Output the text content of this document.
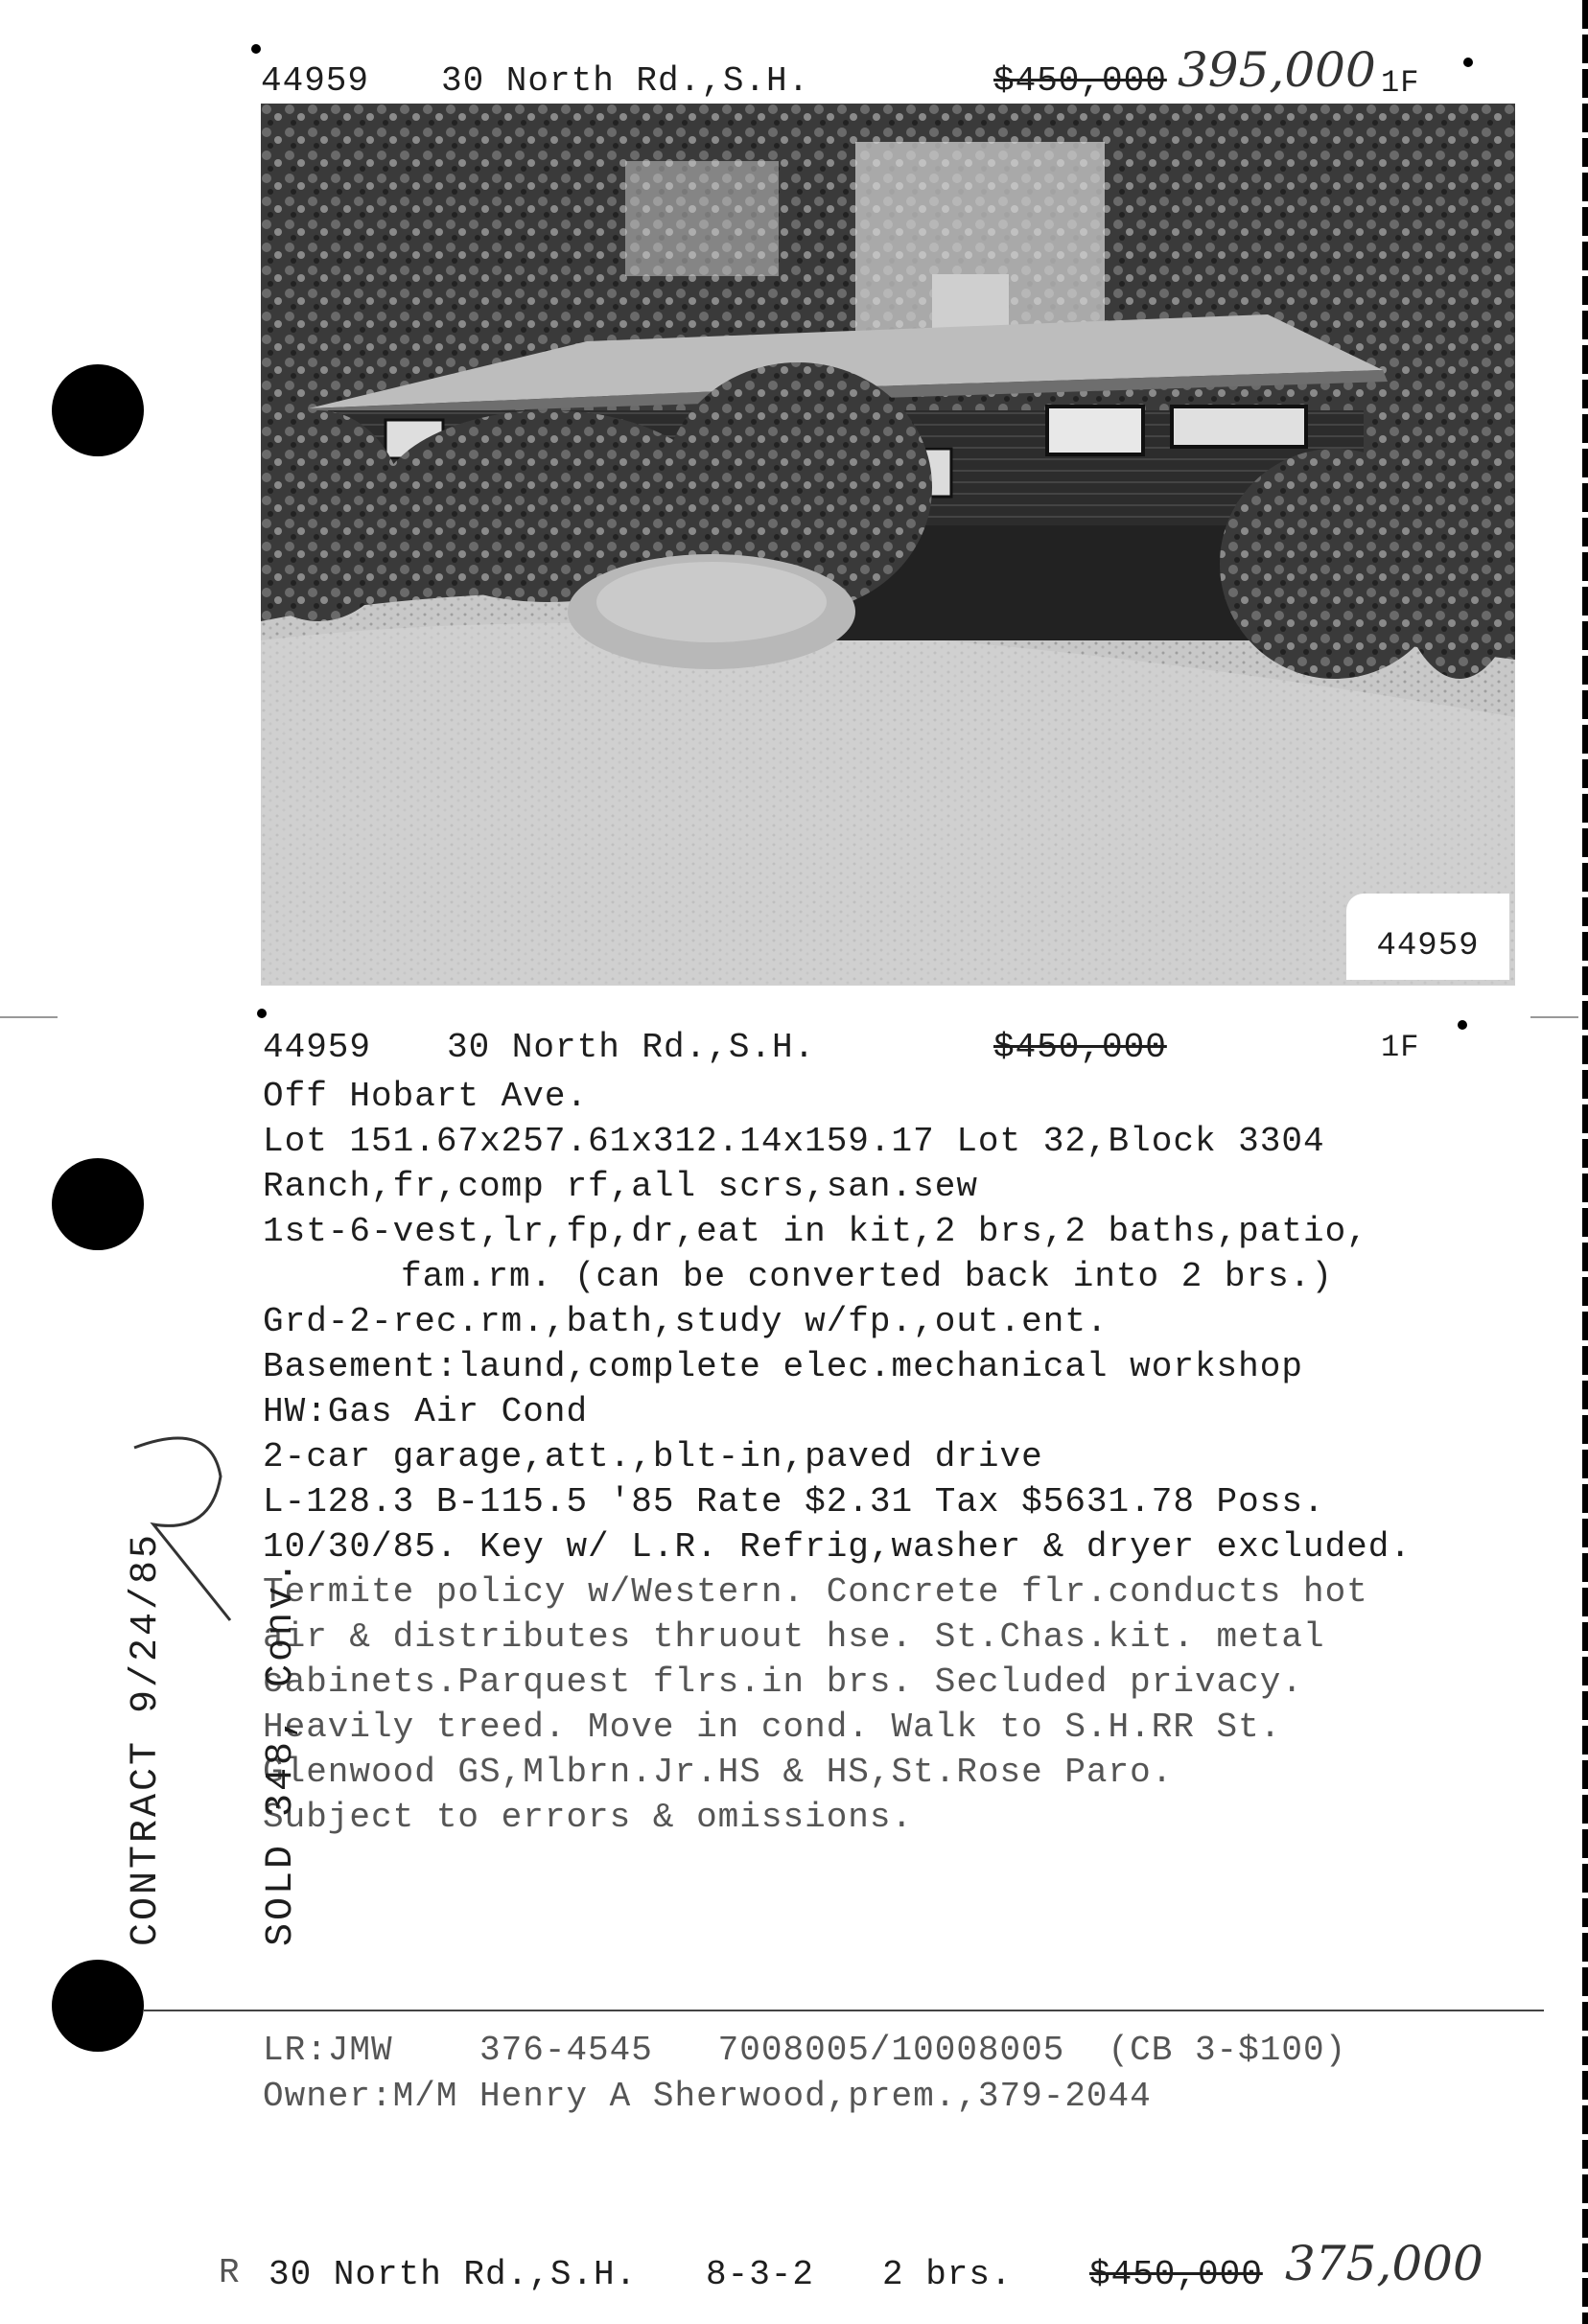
44959 30 North Rd.,S.H.	$450,000 395,000 1F
44959
44959 30 North Rd.,S.H.	$450,000	1F
Off Hobart Ave.
Lot 151.67x257.61x312.14x159.17 Lot 32,Block 3304
Ranch,fr,comp rf,all scrs,san.sew
1st-6-vest,lr,fp,dr,eat in kit,2 brs,2 baths,patio,
fam.rm. (can be converted back into 2 brs.)
Grd-2-rec.rm.,bath,study w/fp.,out.ent.
Basement:laund,complete elec.mechanical workshop
HW:Gas Air Cond
2-car garage,att.,blt-in,paved drive
L-128.3 B-115.5 '85 Rate $2.31 Tax $5631.78 Poss.
10/30/85. Key w/ L.R. Refrig,washer & dryer excluded.
Termite policy w/Western. Concrete flr.conducts hot
air & distributes thruout hse. St.Chas.kit. metal
cabinets.Parquest flrs.in brs. Secluded privacy.
Heavily treed. Move in cond. Walk to S.H.RR St.
Glenwood GS,Mlbrn.Jr.HS & HS,St.Rose Paro.
Subject to errors & omissions.

CONTRACT 9/24/85

SOLD 348, Conv.

LR:JMW    376-4545   7008005/10008005  (CB 3-$100)
Owner:M/M Henry A Sherwood,prem.,379-2044
R 30 North Rd.,S.H. 8-3-2 2 brs. $450,000 375,000
